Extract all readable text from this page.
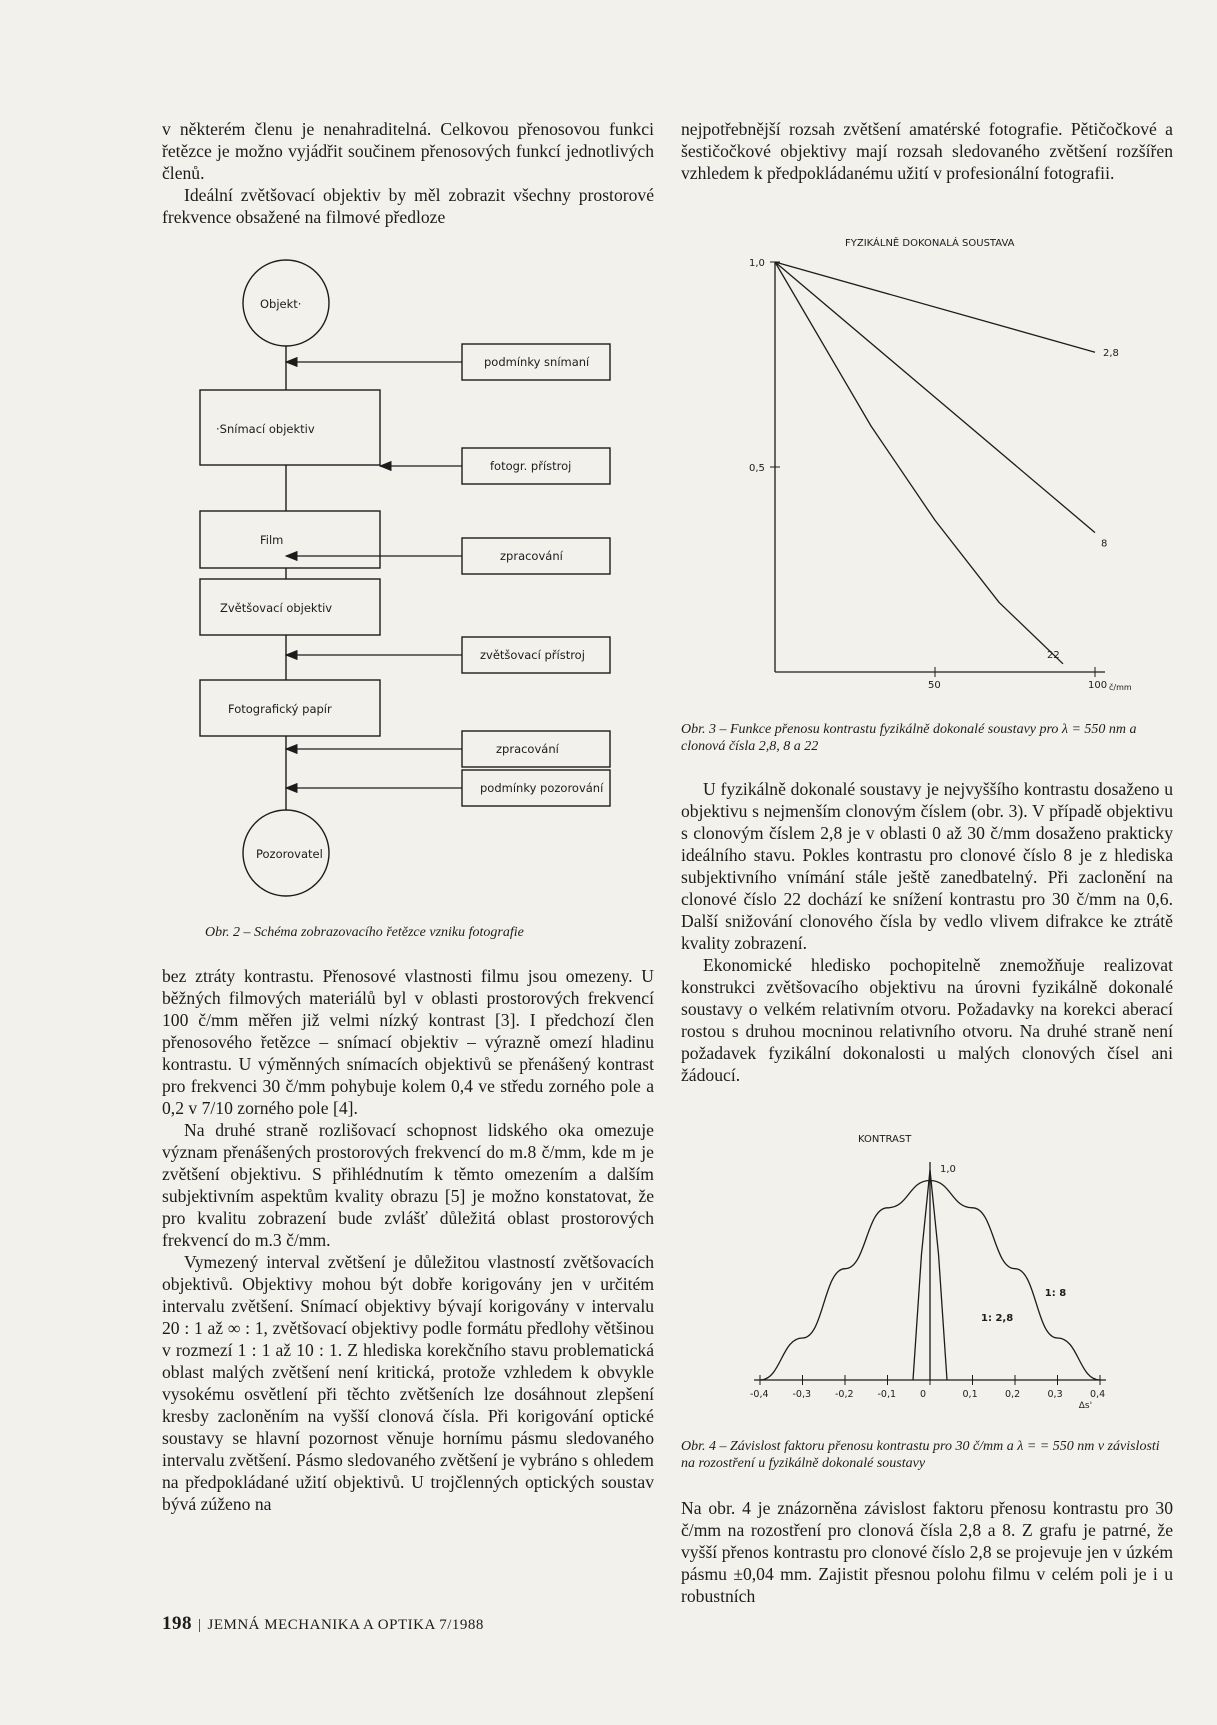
v některém členu je nenahraditelná. Celkovou přenosovou funkci řetězce je možno vyjádřit součinem přenosových funkcí jednotlivých členů.

Ideální zvětšovací objektiv by měl zobrazit všechny prostorové frekvence obsažené na filmové předloze

Objekt·
·Snímací objektiv
Film
Zvětšovací objektiv
Fotografický papír
Pozorovatel
podmínky snímaní
fotogr. přístroj
zpracování
zvětšovací přístroj
zpracování
podmínky pozorování
Obr. 2 – Schéma zobrazovacího řetězce vzniku fotografie

bez ztráty kontrastu. Přenosové vlastnosti filmu jsou omezeny. U běžných filmových materiálů byl v oblasti prostorových frekvencí 100 č/mm měřen již velmi nízký kontrast [3]. I předchozí člen přenosového řetězce – snímací objektiv – výrazně omezí hladinu kontrastu. U výměnných snímacích objektivů se přenášený kontrast pro frekvenci 30 č/mm pohybuje kolem 0,4 ve středu zorného pole a 0,2 v 7/10 zorného pole [4].

Na druhé straně rozlišovací schopnost lidského oka omezuje význam přenášených prostorových frekvencí do m.8 č/mm, kde m je zvětšení objektivu. S přihlédnutím k těmto omezením a dalším subjektivním aspektům kvality obrazu [5] je možno konstatovat, že pro kvalitu zobrazení bude zvlášť důležitá oblast prostorových frekvencí do m.3 č/mm.

Vymezený interval zvětšení je důležitou vlastností zvětšovacích objektivů. Objektivy mohou být dobře korigovány jen v určitém intervalu zvětšení. Snímací objektivy bývají korigovány v intervalu 20 : 1 až ∞ : 1, zvětšovací objektivy podle formátu předlohy většinou v rozmezí 1 : 1 až 10 : 1. Z hlediska korekčního stavu problematická oblast malých zvětšení není kritická, protože vzhledem k obvykle vysokému osvětlení při těchto zvětšeních lze dosáhnout zlepšení kresby zacloněním na vyšší clonová čísla. Při korigování optické soustavy se hlavní pozornost věnuje hornímu pásmu sledovaného intervalu zvětšení. Pásmo sledovaného zvětšení je vybráno s ohledem na předpokládané užití objektivů. U trojčlenných optických soustav bývá zúženo na

nejpotřebnější rozsah zvětšení amatérské fotografie. Pětičočkové a šestičočkové objektivy mají rozsah sledovaného zvětšení rozšířen vzhledem k předpokládanému užití v profesionální fotografii.

FYZIKÁLNĚ DOKONALÁ SOUSTAVA
0,5
1,0
50	100 č/mm
2,8
8
22
Obr. 3 – Funkce přenosu kontrastu fyzikálně dokonalé soustavy pro λ = 550 nm a clonová čísla 2,8, 8 a 22

U fyzikálně dokonalé soustavy je nejvyššího kontrastu dosaženo u objektivu s nejmenším clonovým číslem (obr. 3). V případě objektivu s clonovým číslem 2,8 je v oblasti 0 až 30 č/mm dosaženo prakticky ideálního stavu. Pokles kontrastu pro clonové číslo 8 je z hlediska subjektivního vnímání stále ještě zanedbatelný. Při zaclonění na clonové číslo 22 dochází ke snížení kontrastu pro 30 č/mm na 0,6. Další snižování clonového čísla by vedlo vlivem difrakce ke ztrátě kvality zobrazení.

Ekonomické hledisko pochopitelně znemožňuje realizovat konstrukci zvětšovacího objektivu na úrovni fyzikálně dokonalé soustavy o velkém relativním otvoru. Požadavky na korekci aberací rostou s druhou mocninou relativního otvoru. Na druhé straně není požadavek fyzikální dokonalosti u malých clonových čísel ani žádoucí.

KONTRAST
1,0
-0,4	-0,3	-0,2	-0,1	0	0,1	0,2	0,3	0,4
Δs'
1: 8
1: 2,8
Obr. 4 – Závislost faktoru přenosu kontrastu pro 30 č/mm a λ = = 550 nm v závislosti na rozostření u fyzikálně dokonalé soustavy

Na obr. 4 je znázorněna závislost faktoru přenosu kontrastu pro 30 č/mm na rozostření pro clonová čísla 2,8 a 8. Z grafu je patrné, že vyšší přenos kontrastu pro clonové číslo 2,8 se projevuje jen v úzkém pásmu ±0,04 mm. Zajistit přesnou polohu filmu v celém poli je i u robustních

198 | JEMNÁ MECHANIKA A OPTIKA 7/1988
